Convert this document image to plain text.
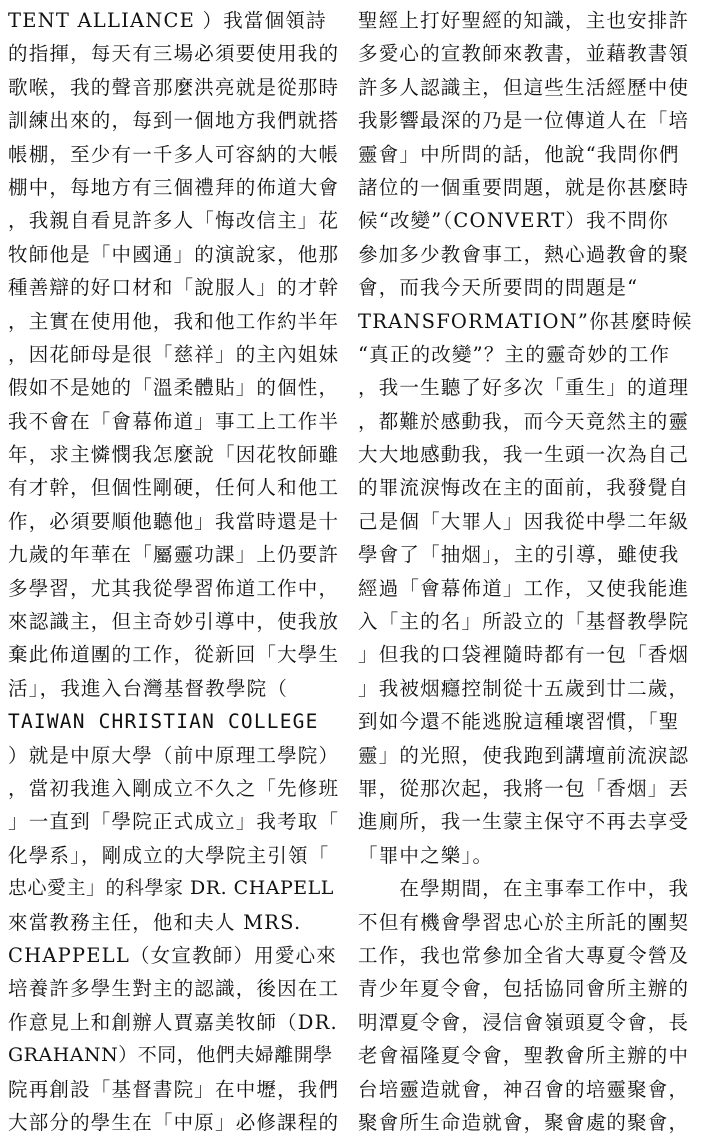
TENT ALLIANCE ）我當個領詩
的指揮，每天有三場必須要使用我的
歌喉，我的聲音那麼洪亮就是從那時
訓練出來的，每到一個地方我們就搭
帳棚，至少有一千多人可容納的大帳
棚中，每地方有三個禮拜的佈道大會
，我親自看見許多人「悔改信主」花
牧師他是「中國通」的演說家，他那
種善辯的好口材和「說服人」的才幹
，主實在使用他，我和他工作約半年
，因花師母是很「慈祥」的主內姐妹
假如不是她的「溫柔體貼」的個性，
我不會在「會幕佈道」事工上工作半
年，求主憐憫我怎麼說「因花牧師雖
有才幹，但個性剛硬，任何人和他工
作，必須要順他聽他」我當時還是十
九歲的年華在「屬靈功課」上仍要許
多學習，尤其我從學習佈道工作中，
來認識主，但主奇妙引導中，使我放
棄此佈道團的工作，從新回「大學生
活」，我進入台灣基督教學院（
TAIWAN CHRISTIAN COLLEGE
）就是中原大學（前中原理工學院）
，當初我進入剛成立不久之「先修班
」一直到「學院正式成立」我考取「
化學系」，剛成立的大學院主引領「
忠心愛主」的科學家 DR. CHAPELL
來當教務主任，他和夫人 MRS.
CHAPPELL（女宣教師）用愛心來
培養許多學生對主的認識，後因在工
作意見上和創辦人賈嘉美牧師（DR.
GRAHANN）不同，他們夫婦離開學
院再創設「基督書院」在中壢，我們
大部分的學生在「中原」必修課程的
聖經上打好聖經的知識，主也安排許
多愛心的宣教師來教書，並藉教書領
許多人認識主，但這些生活經歷中使
我影響最深的乃是一位傳道人在「培
靈會」中所問的話，他說“我問你們
諸位的一個重要問題，就是你甚麼時
候“改變”（CONVERT）我不問你
參加多少教會事工，熱心過教會的聚
會，而我今天所要問的問題是“
TRANSFORMATION”你甚麼時候
“真正的改變”？主的靈奇妙的工作
，我一生聽了好多次「重生」的道理
，都難於感動我，而今天竟然主的靈
大大地感動我，我一生頭一次為自己
的罪流淚悔改在主的面前，我發覺自
己是個「大罪人」因我從中學二年級
學會了「抽烟」，主的引導，雖使我
經過「會幕佈道」工作，又使我能進
入「主的名」所設立的「基督教學院
」但我的口袋裡隨時都有一包「香烟
」我被烟癮控制從十五歲到廿二歲，
到如今還不能逃脫這種壞習慣，「聖
靈」的光照，使我跑到講壇前流淚認
罪，從那次起，我將一包「香烟」丟
進廁所，我一生蒙主保守不再去享受
「罪中之樂」。
　　在學期間，在主事奉工作中，我
不但有機會學習忠心於主所託的團契
工作，我也常參加全省大專夏令營及
青少年夏令會，包括協同會所主辦的
明潭夏令會，浸信會嶺頭夏令會，長
老會福隆夏令會，聖教會所主辦的中
台培靈造就會，神召會的培靈聚會，
聚會所生命造就會，聚會處的聚會，
